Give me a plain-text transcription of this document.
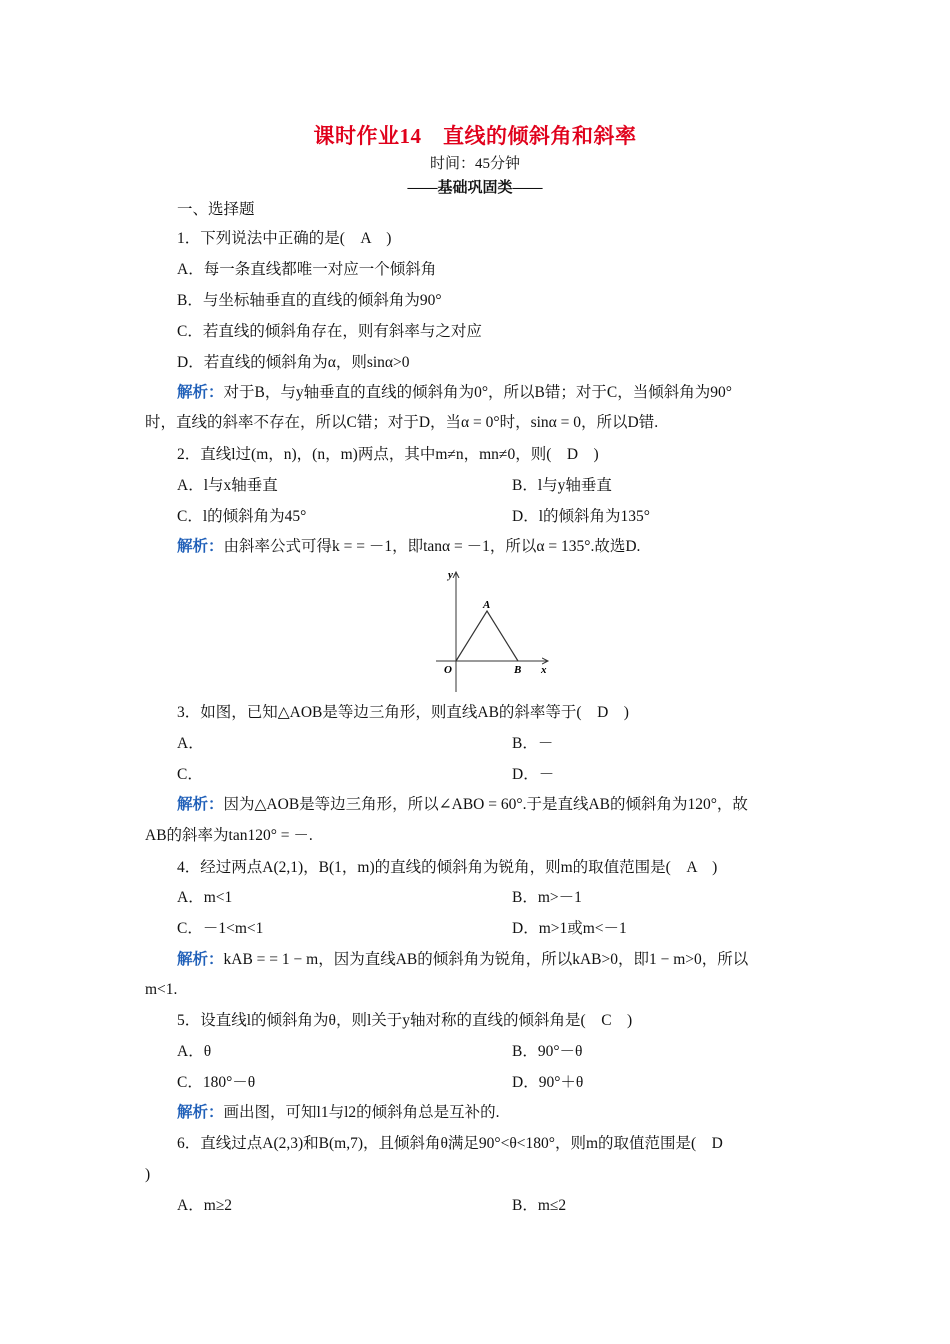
课时作业14　直线的倾斜角和斜率
时间：45分钟
——基础巩固类——
一、选择题
1．下列说法中正确的是(　A　)
A．每一条直线都唯一对应一个倾斜角
B．与坐标轴垂直的直线的倾斜角为90°
C．若直线的倾斜角存在，则有斜率与之对应
D．若直线的倾斜角为α，则sinα>0
解析：对于B，与y轴垂直的直线的倾斜角为0°，所以B错；对于C，当倾斜角为90°
时，直线的斜率不存在，所以C错；对于D，当α = 0°时，sinα = 0，所以D错.
2．直线l过(m，n)，(n，m)两点，其中m≠n，mn≠0，则(　D　)
A．l与x轴垂直	B．l与y轴垂直
C．l的倾斜角为45°	D．l的倾斜角为135°
解析：由斜率公式可得k = = －1，即tanα = －1，所以α = 135°.故选D.
y
x
O
A
B
3．如图，已知△AOB是等边三角形，则直线AB的斜率等于(　D　)
A．	B．－
C．	D．－
解析：因为△AOB是等边三角形，所以∠ABO = 60°.于是直线AB的倾斜角为120°，故
AB的斜率为tan120° = －.
4．经过两点A(2,1)，B(1，m)的直线的倾斜角为锐角，则m的取值范围是(　A　)
A．m<1	B．m>－1
C．－1<m<1	D．m>1或m<－1
解析：kAB = = 1 − m，因为直线AB的倾斜角为锐角，所以kAB>0，即1 − m>0，所以
m<1.
5．设直线l的倾斜角为θ，则l关于y轴对称的直线的倾斜角是(　C　)
A．θ	B．90°－θ
C．180°－θ	D．90°＋θ
解析：画出图，可知l1与l2的倾斜角总是互补的.
6．直线过点A(2,3)和B(m,7)，且倾斜角θ满足90°<θ<180°，则m的取值范围是(　D
)
A．m≥2	B．m≤2
